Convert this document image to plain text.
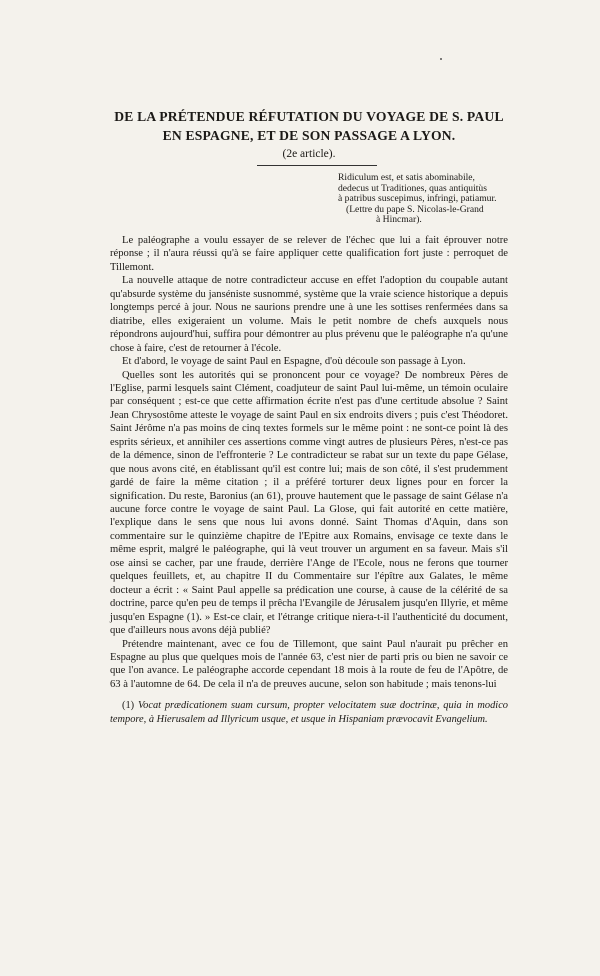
DE LA PRÉTENDUE RÉFUTATION DU VOYAGE DE S. PAUL
EN ESPAGNE, ET DE SON PASSAGE A LYON.
(2e article).
Ridiculum est, et satis abominabile,
dedecus ut Traditiones, quas antiquitùs
à patribus suscepimus, infringi, patiamur.
(Lettre du pape S. Nicolas-le-Grand
à Hincmar).

Le paléographe a voulu essayer de se relever de l'échec que lui a fait éprouver notre réponse ; il n'aura réussi qu'à se faire appliquer cette qualification fort juste : perroquet de Tillemont.

La nouvelle attaque de notre contradicteur accuse en effet l'adoption du coupable autant qu'absurde système du janséniste susnommé, système que la vraie science historique a depuis longtemps percé à jour. Nous ne saurions prendre une à une les sottises renfermées dans sa diatribe, elles exigeraient un volume. Mais le petit nombre de chefs auxquels nous répondrons aujourd'hui, suffira pour démontrer au plus prévenu que le paléographe n'a qu'une chose à faire, c'est de retourner à l'école.

Et d'abord, le voyage de saint Paul en Espagne, d'où découle son passage à Lyon.

Quelles sont les autorités qui se prononcent pour ce voyage? De nombreux Pères de l'Eglise, parmi lesquels saint Clément, coadjuteur de saint Paul lui-même, un témoin oculaire par conséquent ; est-ce que cette affirmation écrite n'est pas d'une certitude absolue ? Saint Jean Chrysostôme atteste le voyage de saint Paul en six endroits divers ; puis c'est Théodoret. Saint Jérôme n'a pas moins de cinq textes formels sur le même point : ne sont-ce point là des esprits sérieux, et annihiler ces assertions comme vingt autres de plusieurs Pères, n'est-ce pas de la démence, sinon de l'effronterie ? Le contradicteur se rabat sur un texte du pape Gélase, que nous avons cité, en établissant qu'il est contre lui; mais de son côté, il s'est prudemment gardé de faire la même citation ; il a préféré torturer deux lignes pour en forcer la signification. Du reste, Baronius (an 61), prouve hautement que le passage de saint Gélase n'a aucune force contre le voyage de saint Paul. La Glose, qui fait autorité en cette matière, l'explique dans le sens que nous lui avons donné. Saint Thomas d'Aquin, dans son commentaire sur le quinzième chapitre de l'Epitre aux Romains, envisage ce texte dans le même esprit, malgré le paléographe, qui là veut trouver un argument en sa faveur. Mais s'il ose ainsi se cacher, par une fraude, derrière l'Ange de l'Ecole, nous ne ferons que tourner quelques feuillets, et, au chapitre II du Commentaire sur l'épître aux Galates, le même docteur a écrit : « Saint Paul appelle sa prédication une course, à cause de la célérité de sa doctrine, parce qu'en peu de temps il prêcha l'Evangile de Jérusalem jusqu'en Illyrie, et même jusqu'en Espagne (1). » Est-ce clair, et l'étrange critique niera-t-il l'authenticité du document, que d'ailleurs nous avons déjà publié?

Prétendre maintenant, avec ce fou de Tillemont, que saint Paul n'aurait pu prêcher en Espagne au plus que quelques mois de l'année 63, c'est nier de parti pris ou bien ne savoir ce que l'on avance. Le paléographe accorde cependant 18 mois à la route de feu de l'Apôtre, de 63 à l'automne de 64. De cela il n'a de preuves aucune, selon son habitude ; mais tenons-lui

(1) Vocat prædicationem suam cursum, propter velocitatem suæ doctrinæ, quia in modico tempore, à Hierusalem ad Illyricum usque, et usque in Hispaniam prævocavit Evangelium.
